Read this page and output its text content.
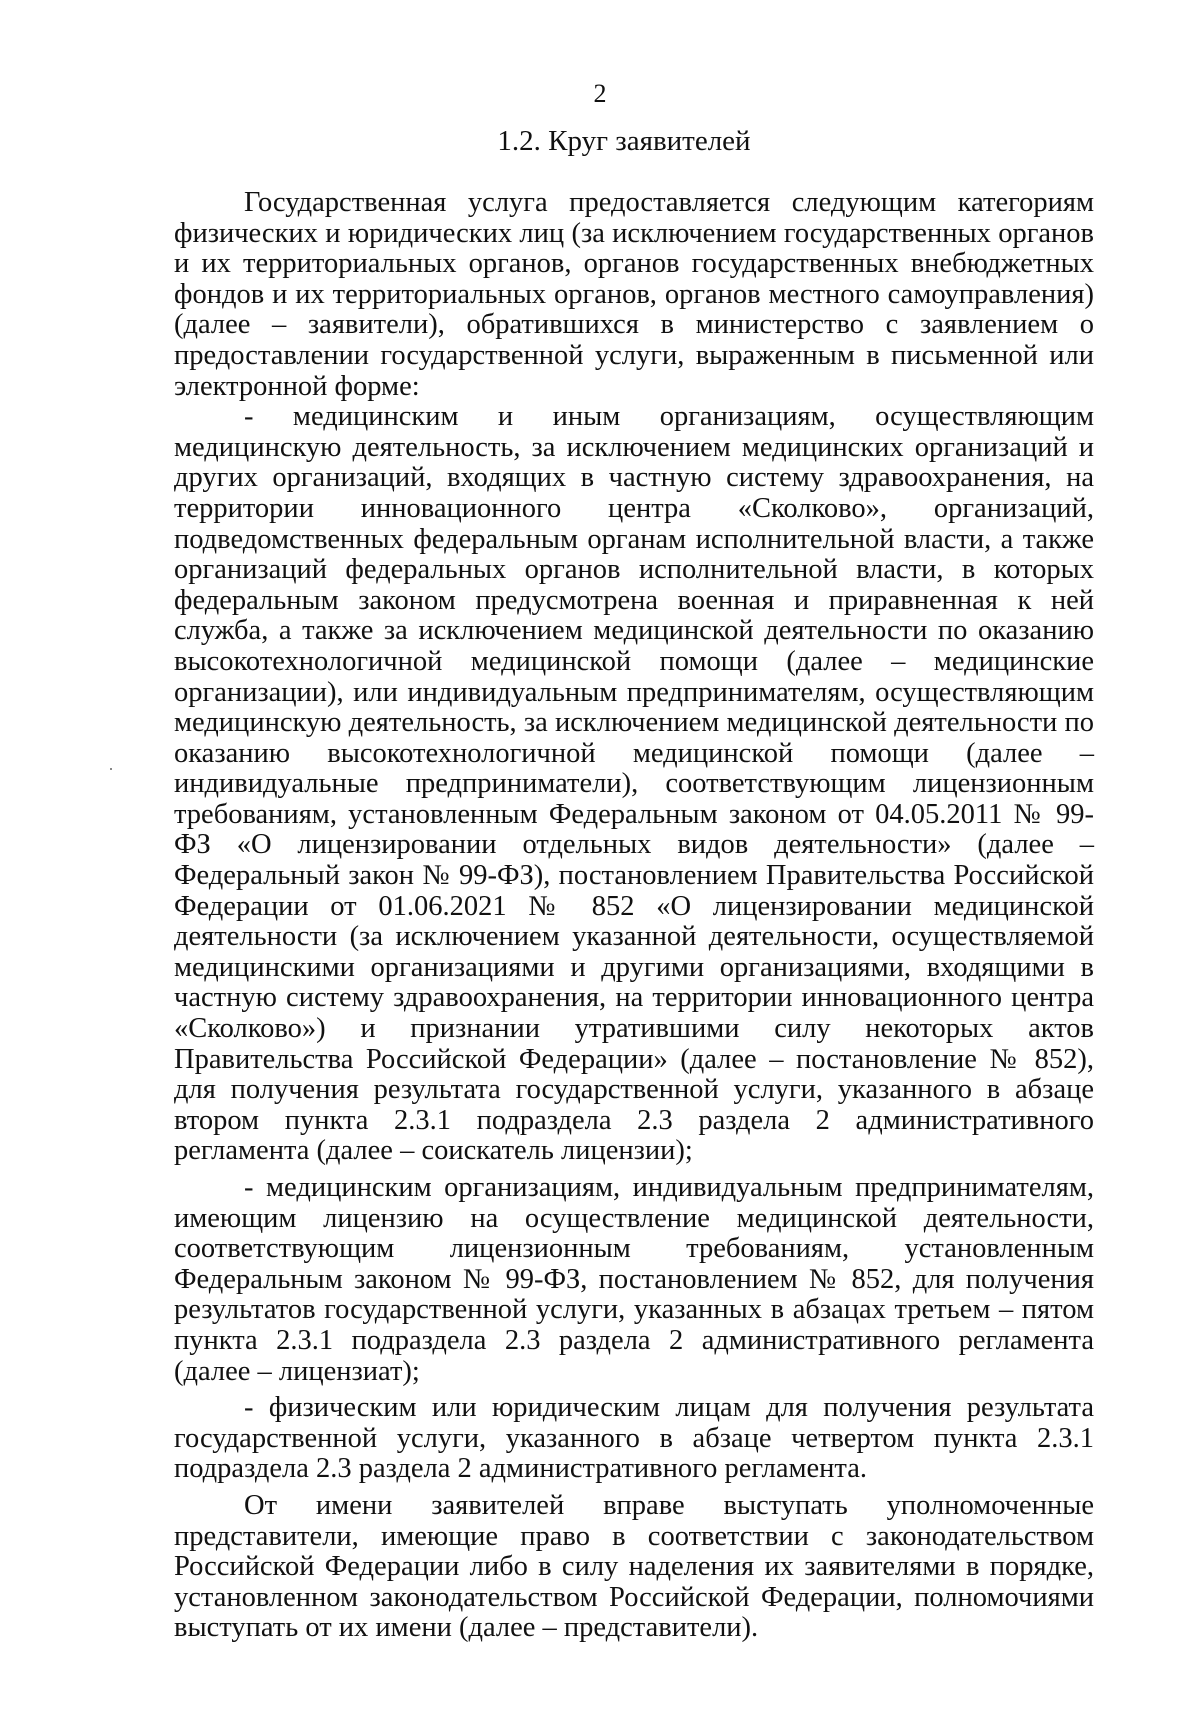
2
1.2. Круг заявителей

Государственная услуга предоставляется следующим категориям физических и юридических лиц (за исключением государственных органов и их территориальных органов, органов государственных внебюджетных фондов и их территориальных органов, органов местного самоуправления) (далее – заявители), обратившихся в министерство с заявлением о предоставлении государственной услуги, выраженным в письменной или электронной форме:

- медицинским и иным организациям, осуществляющим медицинскую деятельность, за исключением медицинских организаций и других организаций, входящих в частную систему здравоохранения, на территории инновационного центра «Сколково», организаций, подведомственных федеральным органам исполнительной власти, а также организаций федеральных органов исполнительной власти, в которых федеральным законом предусмотрена военная и приравненная к ней служба, а также за исключением медицинской деятельности по оказанию высокотехнологичной медицинской помощи (далее – медицинские организации), или индивидуальным предпринимателям, осуществляющим медицинскую деятельность, за исключением медицинской деятельности по оказанию высокотехнологичной медицинской помощи (далее – индивидуальные предприниматели), соответствующим лицензионным требованиям, установленным Федеральным законом от 04.05.2011 № 99-ФЗ «О лицензировании отдельных видов деятельности» (далее – Федеральный закон № 99-ФЗ), постановлением Правительства Российской Федерации от 01.06.2021 № 852 «О лицензировании медицинской деятельности (за исключением указанной деятельности, осуществляемой медицинскими организациями и другими организациями, входящими в частную систему здравоохранения, на территории инновационного центра «Сколково») и признании утратившими силу некоторых актов Правительства Российской Федерации» (далее – постановление № 852), для получения результата государственной услуги, указанного в абзаце втором пункта 2.3.1 подраздела 2.3 раздела 2 административного регламента (далее – соискатель лицензии);

- медицинским организациям, индивидуальным предпринимателям, имеющим лицензию на осуществление медицинской деятельности, соответствующим лицензионным требованиям, установленным Федеральным законом № 99-ФЗ, постановлением № 852, для получения результатов государственной услуги, указанных в абзацах третьем – пятом пункта 2.3.1 подраздела 2.3 раздела 2 административного регламента (далее – лицензиат);

- физическим или юридическим лицам для получения результата государственной услуги, указанного в абзаце четвертом пункта 2.3.1 подраздела 2.3 раздела 2 административного регламента.

От имени заявителей вправе выступать уполномоченные представители, имеющие право в соответствии с законодательством Российской Федерации либо в силу наделения их заявителями в порядке, установленном законодательством Российской Федерации, полномочиями выступать от их имени (далее – представители).
